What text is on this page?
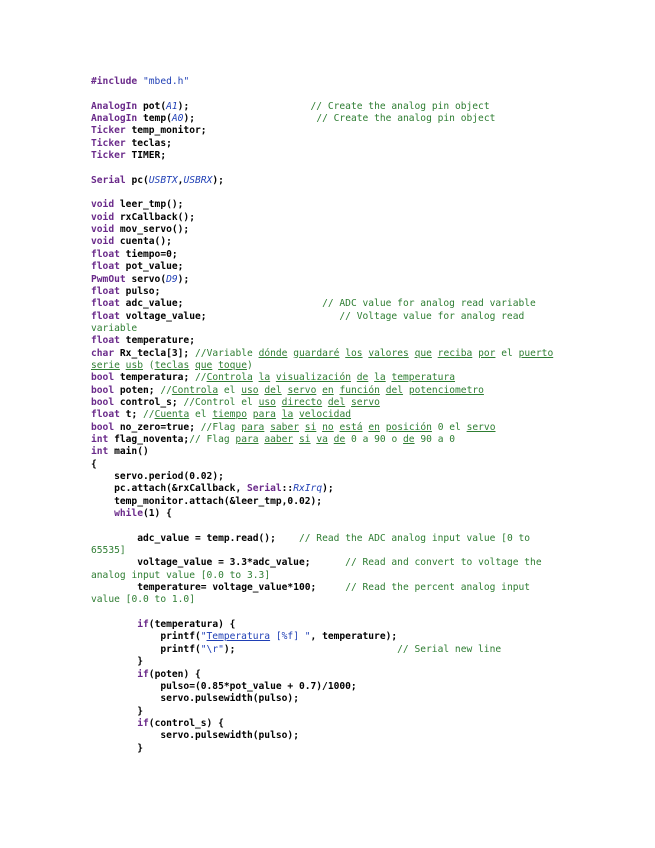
#include "mbed.h"
AnalogIn pot(A1);                     // Create the analog pin object
AnalogIn temp(A0);                     // Create the analog pin object
Ticker temp_monitor;
Ticker teclas;
Ticker TIMER;
Serial pc(USBTX,USBRX);
void leer_tmp();
void rxCallback();
void mov_servo();
void cuenta();
float tiempo=0;
float pot_value;
PwmOut servo(D9);
float pulso;
float adc_value;                        // ADC value for analog read variable
float voltage_value;                       // Voltage value for analog read
variable
float temperature;
char Rx_tecla[3]; //Variable dónde guardaré los valores que reciba por el puerto
serie usb (teclas que toque)
bool temperatura; //Controla la visualización de la temperatura
bool poten; //Controla el uso del servo en función del potenciometro
bool control_s; //Control el uso directo del servo
float t; //Cuenta el tiempo para la velocidad
bool no_zero=true; //Flag para saber si no está en posición 0 el servo
int flag_noventa;// Flag para aaber si va de 0 a 90 o de 90 a 0
int main()
{
servo.period(0.02);
pc.attach(&rxCallback, Serial::RxIrq);
temp_monitor.attach(&leer_tmp,0.02);
while(1) {
adc_value = temp.read();    // Read the ADC analog input value [0 to
65535]
voltage_value = 3.3*adc_value;      // Read and convert to voltage the
analog input value [0.0 to 3.3]
temperature= voltage_value*100;     // Read the percent analog input
value [0.0 to 1.0]
if(temperatura) {
printf("Temperatura [%f] ", temperature);
printf("\r");                            // Serial new line
}
if(poten) {
pulso=(0.85*pot_value + 0.7)/1000;
servo.pulsewidth(pulso);
}
if(control_s) {
servo.pulsewidth(pulso);
}
